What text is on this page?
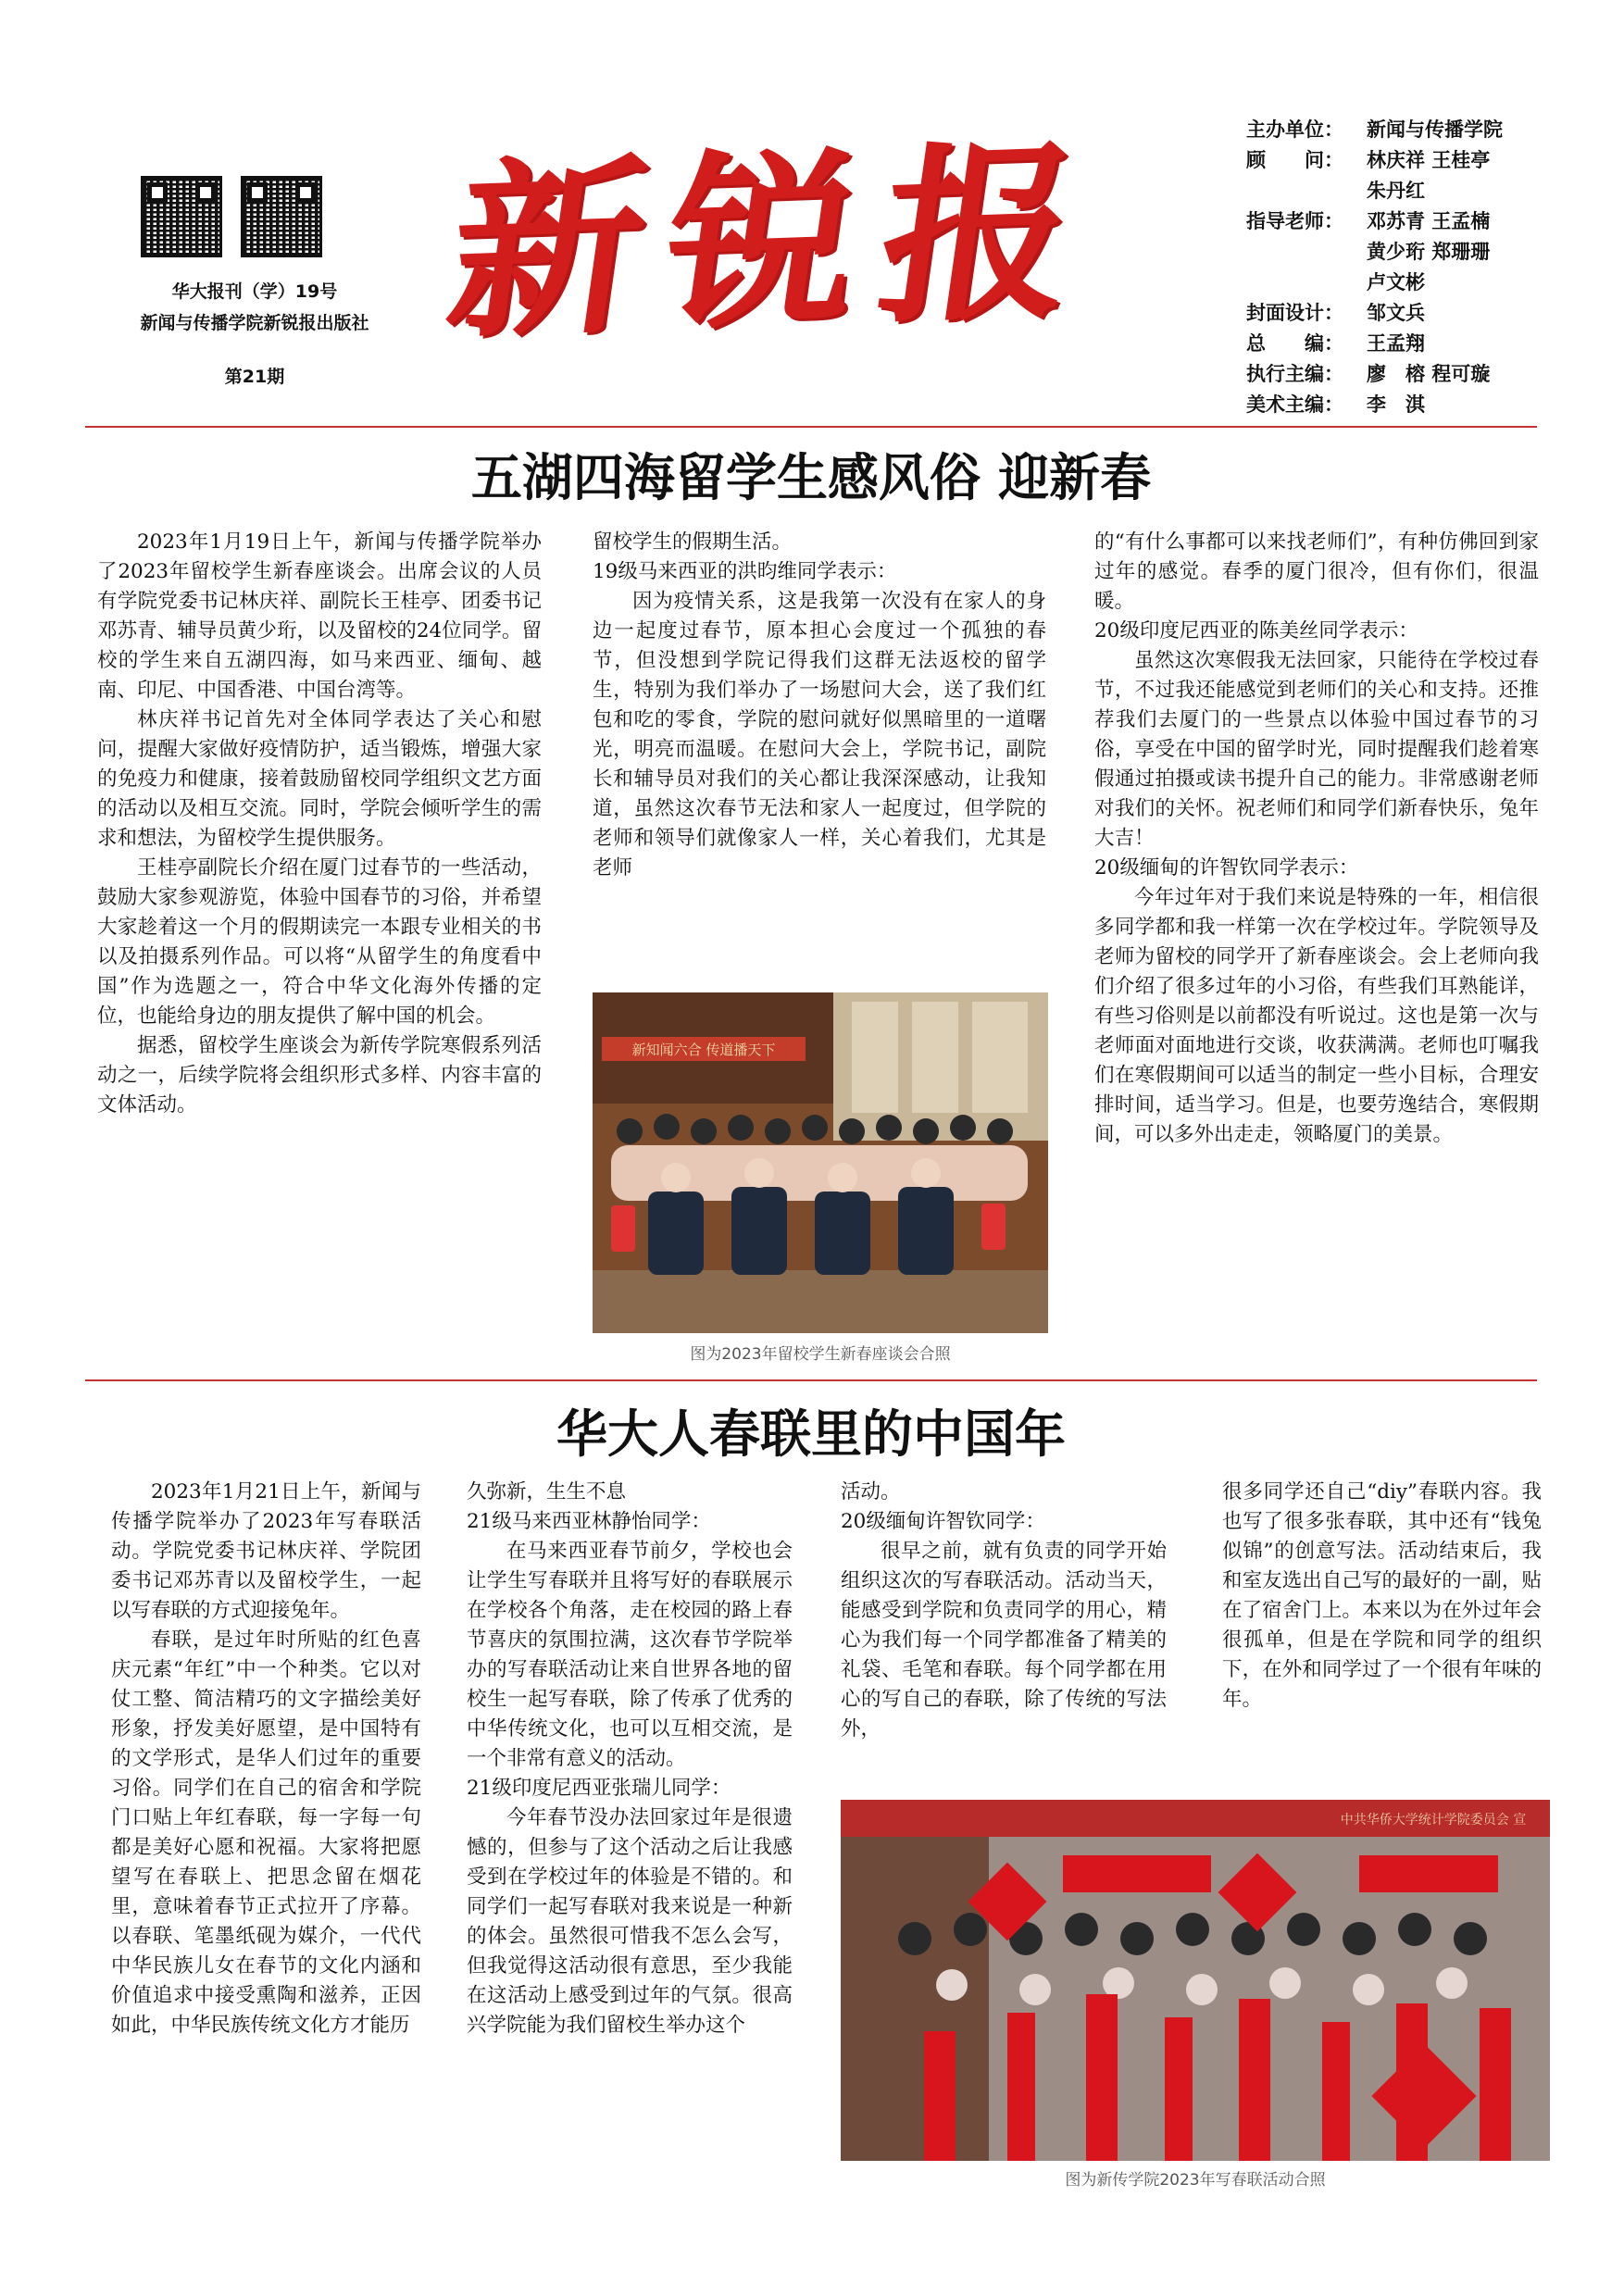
华大报刊（学）19号
新闻与传播学院新锐报出版社
第21期
新锐报	主办单位：	新闻与传播学院
顾　　问：	林庆祥 王桂亭
朱丹红
指导老师：	邓苏青 王孟楠
黄少珩 郑珊珊
卢文彬
封面设计：	邹文兵
总　　编：	王孟翔
执行主编：	廖　榕 程可璇
美术主编：	李　淇
五湖四海留学生感风俗 迎新春

2023年1月19日上午，新闻与传播学院举办了2023年留校学生新春座谈会。出席会议的人员有学院党委书记林庆祥、副院长王桂亭、团委书记邓苏青、辅导员黄少珩，以及留校的24位同学。留校的学生来自五湖四海，如马来西亚、缅甸、越南、印尼、中国香港、中国台湾等。

林庆祥书记首先对全体同学表达了关心和慰问，提醒大家做好疫情防护，适当锻炼，增强大家的免疫力和健康，接着鼓励留校同学组织文艺方面的活动以及相互交流。同时，学院会倾听学生的需求和想法，为留校学生提供服务。

王桂亭副院长介绍在厦门过春节的一些活动，鼓励大家参观游览，体验中国春节的习俗，并希望大家趁着这一个月的假期读完一本跟专业相关的书以及拍摄系列作品。可以将“从留学生的角度看中国”作为选题之一，符合中华文化海外传播的定位，也能给身边的朋友提供了解中国的机会。

据悉，留校学生座谈会为新传学院寒假系列活动之一，后续学院将会组织形式多样、内容丰富的文体活动。

留校学生的假期生活。

19级马来西亚的洪昀维同学表示：

因为疫情关系，这是我第一次没有在家人的身边一起度过春节，原本担心会度过一个孤独的春节，但没想到学院记得我们这群无法返校的留学生，特别为我们举办了一场慰问大会，送了我们红包和吃的零食，学院的慰问就好似黑暗里的一道曙光，明亮而温暖。在慰问大会上，学院书记，副院长和辅导员对我们的关心都让我深深感动，让我知道，虽然这次春节无法和家人一起度过，但学院的老师和领导们就像家人一样，关心着我们，尤其是老师

新知闻六合 传道播天下
图为2023年留校学生新春座谈会合照

的“有什么事都可以来找老师们”，有种仿佛回到家过年的感觉。春季的厦门很冷，但有你们，很温暖。

20级印度尼西亚的陈美丝同学表示：

虽然这次寒假我无法回家，只能待在学校过春节，不过我还能感觉到老师们的关心和支持。还推荐我们去厦门的一些景点以体验中国过春节的习俗，享受在中国的留学时光，同时提醒我们趁着寒假通过拍摄或读书提升自己的能力。非常感谢老师对我们的关怀。祝老师们和同学们新春快乐，兔年大吉！

20级缅甸的许智钦同学表示：

今年过年对于我们来说是特殊的一年，相信很多同学都和我一样第一次在学校过年。学院领导及老师为留校的同学开了新春座谈会。会上老师向我们介绍了很多过年的小习俗，有些我们耳熟能详，有些习俗则是以前都没有听说过。这也是第一次与老师面对面地进行交谈，收获满满。老师也叮嘱我们在寒假期间可以适当的制定一些小目标，合理安排时间，适当学习。但是，也要劳逸结合，寒假期间，可以多外出走走，领略厦门的美景。

华大人春联里的中国年

2023年1月21日上午，新闻与传播学院举办了2023年写春联活动。学院党委书记林庆祥、学院团委书记邓苏青以及留校学生，一起以写春联的方式迎接兔年。

春联，是过年时所贴的红色喜庆元素“年红”中一个种类。它以对仗工整、简洁精巧的文字描绘美好形象，抒发美好愿望，是中国特有的文学形式，是华人们过年的重要习俗。同学们在自己的宿舍和学院门口贴上年红春联，每一字每一句都是美好心愿和祝福。大家将把愿望写在春联上、把思念留在烟花里，意味着春节正式拉开了序幕。以春联、笔墨纸砚为媒介，一代代中华民族儿女在春节的文化内涵和价值追求中接受熏陶和滋养，正因如此，中华民族传统文化方才能历

久弥新，生生不息

21级马来西亚林静怡同学：

在马来西亚春节前夕，学校也会让学生写春联并且将写好的春联展示在学校各个角落，走在校园的路上春节喜庆的氛围拉满，这次春节学院举办的写春联活动让来自世界各地的留校生一起写春联，除了传承了优秀的中华传统文化，也可以互相交流，是一个非常有意义的活动。

21级印度尼西亚张瑞儿同学：

今年春节没办法回家过年是很遗憾的，但参与了这个活动之后让我感受到在学校过年的体验是不错的。和同学们一起写春联对我来说是一种新的体会。虽然很可惜我不怎么会写，但我觉得这活动很有意思，至少我能在这活动上感受到过年的气氛。很高兴学院能为我们留校生举办这个

活动。

20级缅甸许智钦同学：

很早之前，就有负责的同学开始组织这次的写春联活动。活动当天，能感受到学院和负责同学的用心，精心为我们每一个同学都准备了精美的礼袋、毛笔和春联。每个同学都在用心的写自己的春联，除了传统的写法外，

很多同学还自己“diy”春联内容。我也写了很多张春联，其中还有“钱兔似锦”的创意写法。活动结束后，我和室友选出自己写的最好的一副，贴在了宿舍门上。本来以为在外过年会很孤单，但是在学院和同学的组织下，在外和同学过了一个很有年味的年。

中共华侨大学统计学院委员会 宣
图为新传学院2023年写春联活动合照
